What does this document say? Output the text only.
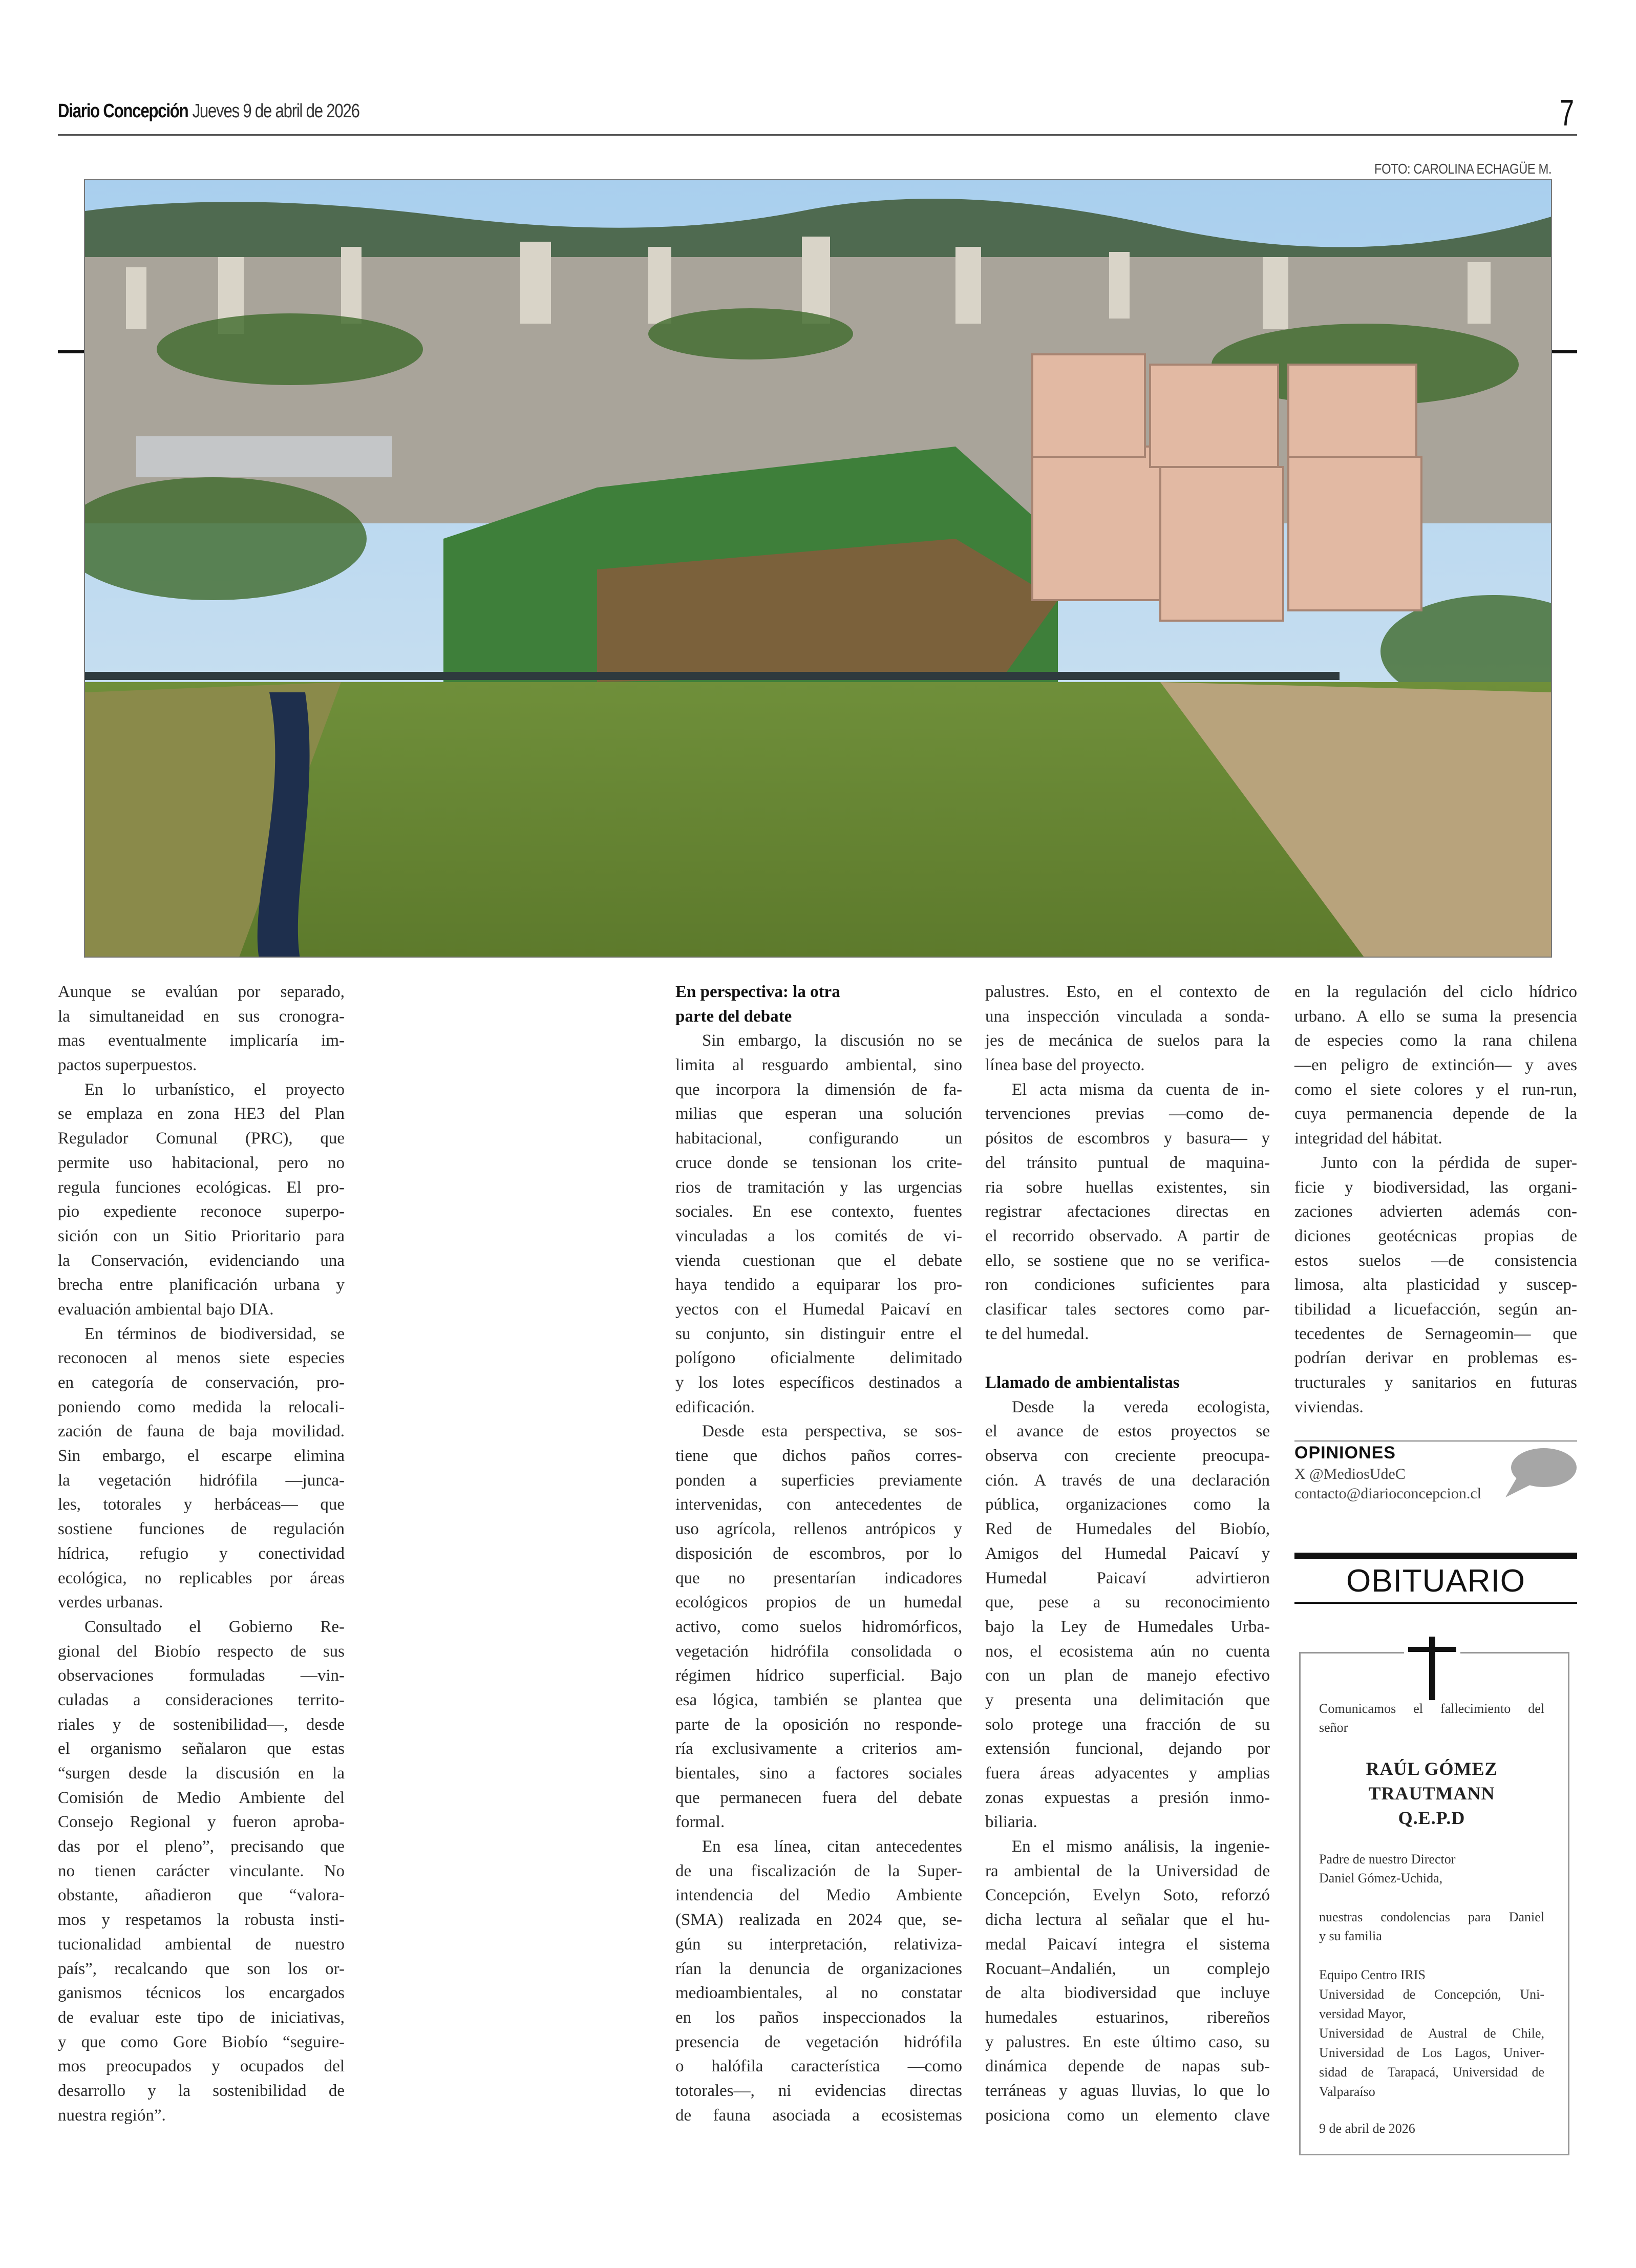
Diario Concepción Jueves 9 de abril de 2026	7
FOTO: CAROLINA ECHAGÜE M.
Aunque se evalúan por separado,
la simultaneidad en sus cronogra-
mas eventualmente implicaría im-
pactos superpuestos.
En lo urbanístico, el proyecto
se emplaza en zona HE3 del Plan
Regulador Comunal (PRC), que
permite uso habitacional, pero no
regula funciones ecológicas. El pro-
pio expediente reconoce superpo-
sición con un Sitio Prioritario para
la Conservación, evidenciando una
brecha entre planificación urbana y
evaluación ambiental bajo DIA.
En términos de biodiversidad, se
reconocen al menos siete especies
en categoría de conservación, pro-
poniendo como medida la relocali-
zación de fauna de baja movilidad.
Sin embargo, el escarpe elimina
la vegetación hidrófila —junca-
les, totorales y herbáceas— que
sostiene funciones de regulación
hídrica, refugio y conectividad
ecológica, no replicables por áreas
verdes urbanas.
Consultado el Gobierno Re-
gional del Biobío respecto de sus
observaciones formuladas —vin-
culadas a consideraciones territo-
riales y de sostenibilidad—, desde
el organismo señalaron que estas
“surgen desde la discusión en la
Comisión de Medio Ambiente del
Consejo Regional y fueron aproba-
das por el pleno”, precisando que
no tienen carácter vinculante. No
obstante, añadieron que “valora-
mos y respetamos la robusta insti-
tucionalidad ambiental de nuestro
país”, recalcando que son los or-
ganismos técnicos los encargados
de evaluar este tipo de iniciativas,
y que como Gore Biobío “seguire-
mos preocupados y ocupados del
desarrollo y la sostenibilidad de
nuestra región”.
En perspectiva: la otra
parte del debate
Sin embargo, la discusión no se
limita al resguardo ambiental, sino
que incorpora la dimensión de fa-
milias que esperan una solución
habitacional, configurando un
cruce donde se tensionan los crite-
rios de tramitación y las urgencias
sociales. En ese contexto, fuentes
vinculadas a los comités de vi-
vienda cuestionan que el debate
haya tendido a equiparar los pro-
yectos con el Humedal Paicaví en
su conjunto, sin distinguir entre el
polígono oficialmente delimitado
y los lotes específicos destinados a
edificación.
Desde esta perspectiva, se sos-
tiene que dichos paños corres-
ponden a superficies previamente
intervenidas, con antecedentes de
uso agrícola, rellenos antrópicos y
disposición de escombros, por lo
que no presentarían indicadores
ecológicos propios de un humedal
activo, como suelos hidromórficos,
vegetación hidrófila consolidada o
régimen hídrico superficial. Bajo
esa lógica, también se plantea que
parte de la oposición no responde-
ría exclusivamente a criterios am-
bientales, sino a factores sociales
que permanecen fuera del debate
formal.
En esa línea, citan antecedentes
de una fiscalización de la Super-
intendencia del Medio Ambiente
(SMA) realizada en 2024 que, se-
gún su interpretación, relativiza-
rían la denuncia de organizaciones
medioambientales, al no constatar
en los paños inspeccionados la
presencia de vegetación hidrófila
o halófila característica —como
totorales—, ni evidencias directas
de fauna asociada a ecosistemas
palustres. Esto, en el contexto de
una inspección vinculada a sonda-
jes de mecánica de suelos para la
línea base del proyecto.
El acta misma da cuenta de in-
tervenciones previas —como de-
pósitos de escombros y basura— y
del tránsito puntual de maquina-
ria sobre huellas existentes, sin
registrar afectaciones directas en
el recorrido observado. A partir de
ello, se sostiene que no se verifica-
ron condiciones suficientes para
clasificar tales sectores como par-
te del humedal.
Llamado de ambientalistas
Desde la vereda ecologista,
el avance de estos proyectos se
observa con creciente preocupa-
ción. A través de una declaración
pública, organizaciones como la
Red de Humedales del Biobío,
Amigos del Humedal Paicaví y
Humedal Paicaví advirtieron
que, pese a su reconocimiento
bajo la Ley de Humedales Urba-
nos, el ecosistema aún no cuenta
con un plan de manejo efectivo
y presenta una delimitación que
solo protege una fracción de su
extensión funcional, dejando por
fuera áreas adyacentes y amplias
zonas expuestas a presión inmo-
biliaria.
En el mismo análisis, la ingenie-
ra ambiental de la Universidad de
Concepción, Evelyn Soto, reforzó
dicha lectura al señalar que el hu-
medal Paicaví integra el sistema
Rocuant–Andalién, un complejo
de alta biodiversidad que incluye
humedales estuarinos, ribereños
y palustres. En este último caso, su
dinámica depende de napas sub-
terráneas y aguas lluvias, lo que lo
posiciona como un elemento clave
en la regulación del ciclo hídrico
urbano. A ello se suma la presencia
de especies como la rana chilena
—en peligro de extinción— y aves
como el siete colores y el run-run,
cuya permanencia depende de la
integridad del hábitat.
Junto con la pérdida de super-
ficie y biodiversidad, las organi-
zaciones advierten además con-
diciones geotécnicas propias de
estos suelos —de consistencia
limosa, alta plasticidad y suscep-
tibilidad a licuefacción, según an-
tecedentes de Sernageomin— que
podrían derivar en problemas es-
tructurales y sanitarios en futuras
viviendas.
OPINIONES
X @MediosUdeC
contacto@diarioconcepcion.cl
OBITUARIO
Comunicamos el fallecimiento del
señor
RAÚL GÓMEZ
TRAUTMANN
Q.E.P.D
Padre de nuestro Director
Daniel Gómez-Uchida,
nuestras condolencias para Daniel
y su familia
Equipo Centro IRIS
Universidad de Concepción, Uni-
versidad Mayor,
Universidad de Austral de Chile,
Universidad de Los Lagos, Univer-
sidad de Tarapacá, Universidad de
Valparaíso
9 de abril de 2026
